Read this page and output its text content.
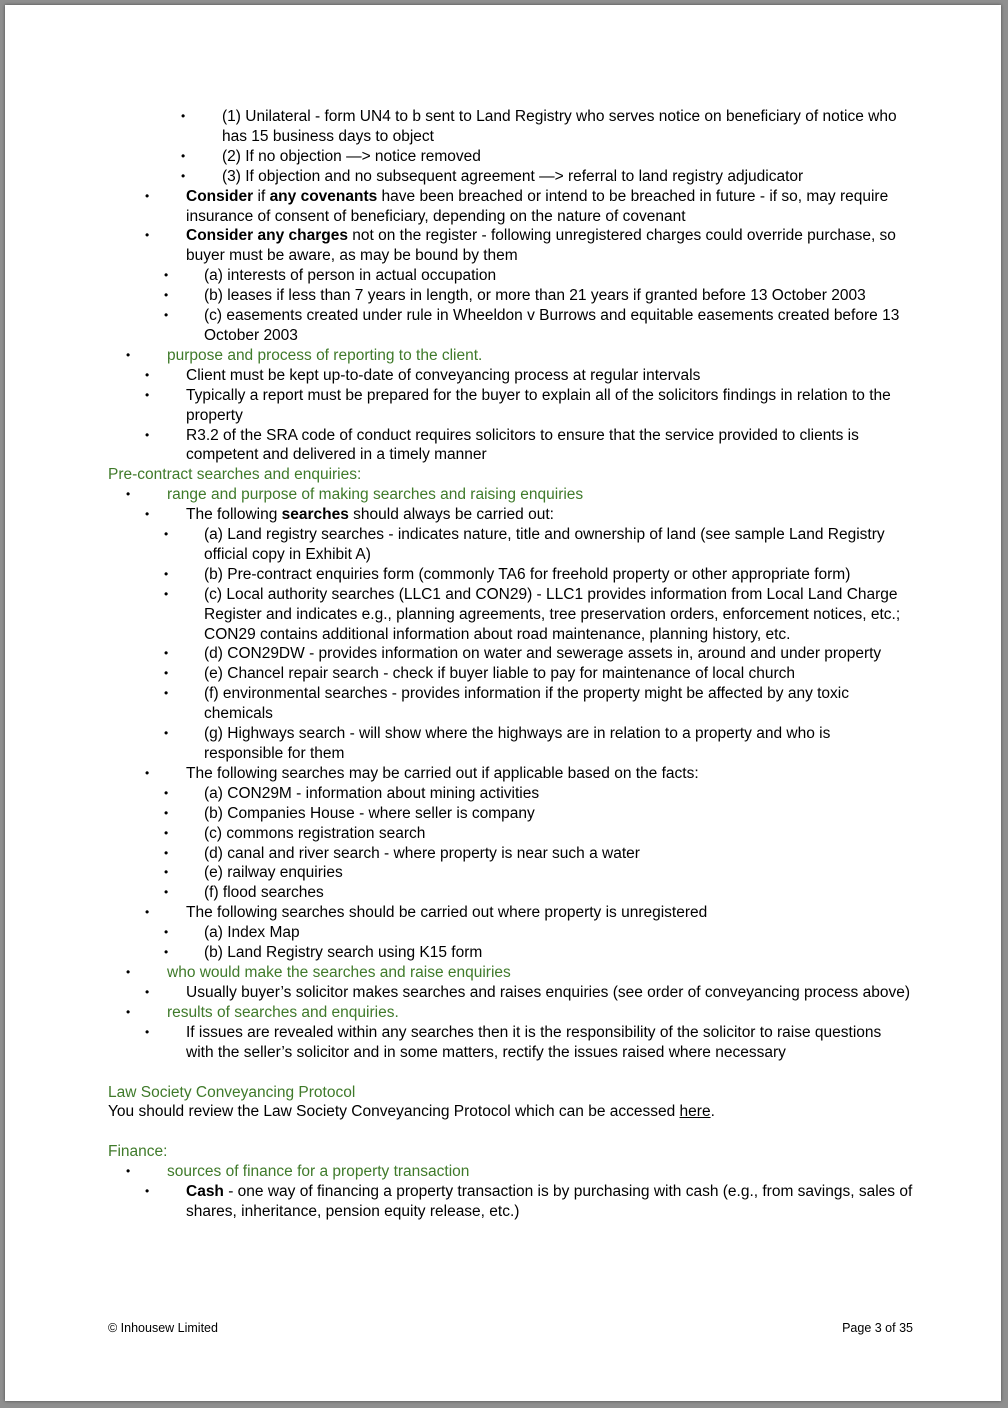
• (1) Unilateral - form UN4 to b sent to Land Registry who serves notice on beneficiary of notice who has 15 business days to object
• (2) If no objection —> notice removed
• (3) If objection and no subsequent agreement —> referral to land registry adjudicator
• Consider if any covenants have been breached or intend to be breached in future - if so, may require insurance of consent of beneficiary, depending on the nature of covenant
• Consider any charges not on the register - following unregistered charges could override purchase, so buyer must be aware, as may be bound by them
• (a) interests of person in actual occupation
• (b) leases if less than 7 years in length, or more than 21 years if granted before 13 October 2003
• (c) easements created under rule in Wheeldon v Burrows and equitable easements created before 13 October 2003
• purpose and process of reporting to the client.
• Client must be kept up-to-date of conveyancing process at regular intervals
• Typically a report must be prepared for the buyer to explain all of the solicitors findings in relation to the property
• R3.2 of the SRA code of conduct requires solicitors to ensure that the service provided to clients is competent and delivered in a timely manner
Pre-contract searches and enquiries:
• range and purpose of making searches and raising enquiries
• The following searches should always be carried out:
• (a) Land registry searches - indicates nature, title and ownership of land (see sample Land Registry official copy in Exhibit A)
• (b) Pre-contract enquiries form (commonly TA6 for freehold property or other appropriate form)
• (c) Local authority searches (LLC1 and CON29) - LLC1 provides information from Local Land Charge Register and indicates e.g., planning agreements, tree preservation orders, enforcement notices, etc.; CON29 contains additional information about road maintenance, planning history, etc.
• (d) CON29DW - provides information on water and sewerage assets in, around and under property
• (e) Chancel repair search - check if buyer liable to pay for maintenance of local church
• (f) environmental searches - provides information if the property might be affected by any toxic chemicals
• (g) Highways search - will show where the highways are in relation to a property and who is responsible for them
• The following searches may be carried out if applicable based on the facts:
• (a) CON29M - information about mining activities
• (b) Companies House - where seller is company
• (c) commons registration search
• (d) canal and river search - where property is near such a water
• (e) railway enquiries
• (f) flood searches
• The following searches should be carried out where property is unregistered
• (a) Index Map
• (b) Land Registry search using K15 form
• who would make the searches and raise enquiries
• Usually buyer’s solicitor makes searches and raises enquiries (see order of conveyancing process above)
• results of searches and enquiries.
• If issues are revealed within any searches then it is the responsibility of the solicitor to raise questions with the seller’s solicitor and in some matters, rectify the issues raised where necessary
Law Society Conveyancing Protocol
You should review the Law Society Conveyancing Protocol which can be accessed here.
Finance:
• sources of finance for a property transaction
• Cash - one way of financing a property transaction is by purchasing with cash (e.g., from savings, sales of shares, inheritance, pension equity release, etc.)
© Inhousew Limited	Page 3 of 35
